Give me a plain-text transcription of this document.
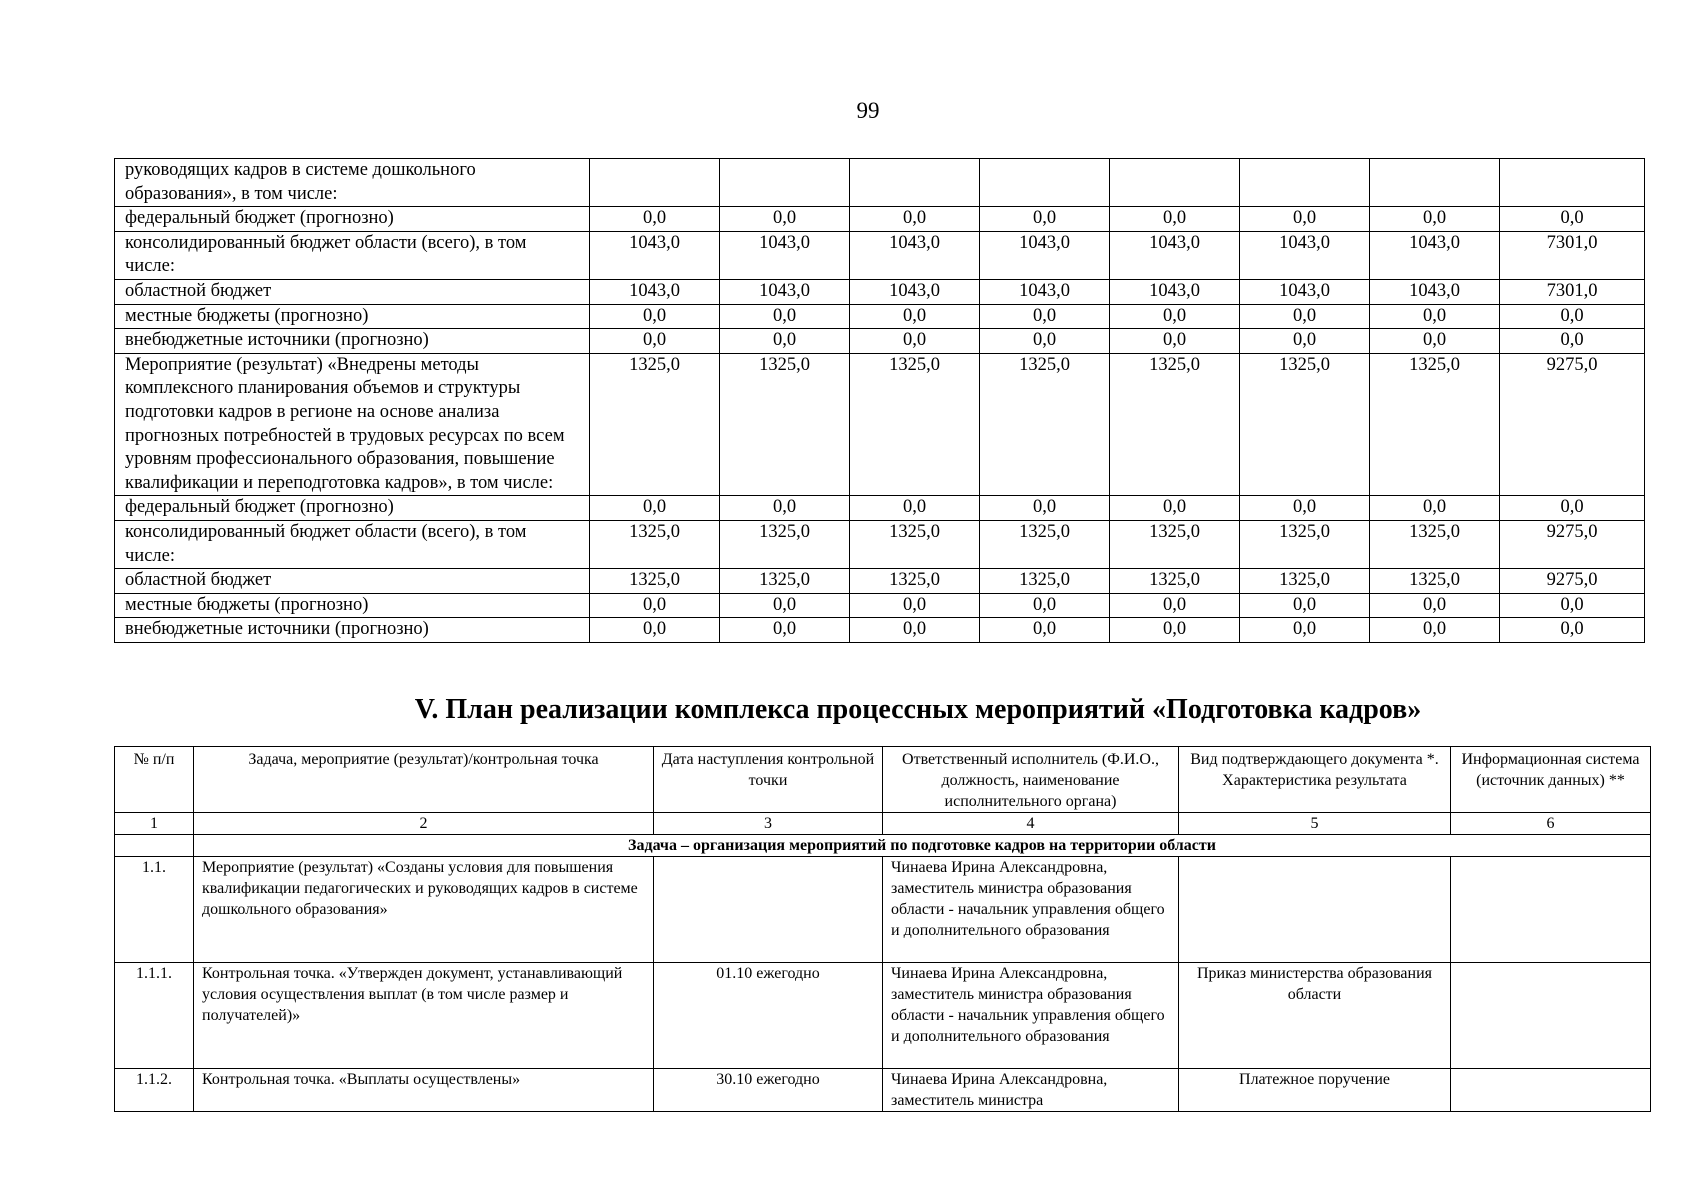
99
руководящих кадров в системе дошкольного образования», в том числе:								
федеральный бюджет (прогнозно)	0,0	0,0	0,0	0,0	0,0	0,0	0,0	0,0
консолидированный бюджет области (всего), в том числе:	1043,0	1043,0	1043,0	1043,0	1043,0	1043,0	1043,0	7301,0
областной бюджет	1043,0	1043,0	1043,0	1043,0	1043,0	1043,0	1043,0	7301,0
местные бюджеты (прогнозно)	0,0	0,0	0,0	0,0	0,0	0,0	0,0	0,0
внебюджетные источники (прогнозно)	0,0	0,0	0,0	0,0	0,0	0,0	0,0	0,0
Мероприятие (результат) «Внедрены методы комплексного планирования объемов и структуры подготовки кадров в регионе на основе анализа прогнозных потребностей в трудовых ресурсах по всем уровням профессионального образования, повышение квалификации и переподготовка кадров», в том числе:	1325,0	1325,0	1325,0	1325,0	1325,0	1325,0	1325,0	9275,0
федеральный бюджет (прогнозно)	0,0	0,0	0,0	0,0	0,0	0,0	0,0	0,0
консолидированный бюджет области (всего), в том числе:	1325,0	1325,0	1325,0	1325,0	1325,0	1325,0	1325,0	9275,0
областной бюджет	1325,0	1325,0	1325,0	1325,0	1325,0	1325,0	1325,0	9275,0
местные бюджеты (прогнозно)	0,0	0,0	0,0	0,0	0,0	0,0	0,0	0,0
внебюджетные источники (прогнозно)	0,0	0,0	0,0	0,0	0,0	0,0	0,0	0,0
V. План реализации комплекса процессных мероприятий «Подготовка кадров»
№ п/п	Задача, мероприятие (результат)/контрольная точка	Дата наступления контрольной точки	Ответственный исполнитель (Ф.И.О., должность, наименование исполнительного органа)	Вид подтверждающего документа *. Характеристика результата	Информационная система (источник данных) **
1	2	3	4	5	6
	Задача – организация мероприятий по подготовке кадров на территории области				
1.1.	Мероприятие (результат) «Созданы условия для повышения квалификации педагогических и руководящих кадров в системе дошкольного образования»		Чинаева Ирина Александровна, заместитель министра образования области - начальник управления общего и дополнительного образования		
1.1.1.	Контрольная точка. «Утвержден документ, устанавливающий условия осуществления выплат (в том числе размер и получателей)»	01.10 ежегодно	Чинаева Ирина Александровна, заместитель министра образования области - начальник управления общего и дополнительного образования	Приказ министерства образования области	
1.1.2.	Контрольная точка. «Выплаты осуществлены»	30.10 ежегодно	Чинаева Ирина Александровна, заместитель министра	Платежное поручение	
